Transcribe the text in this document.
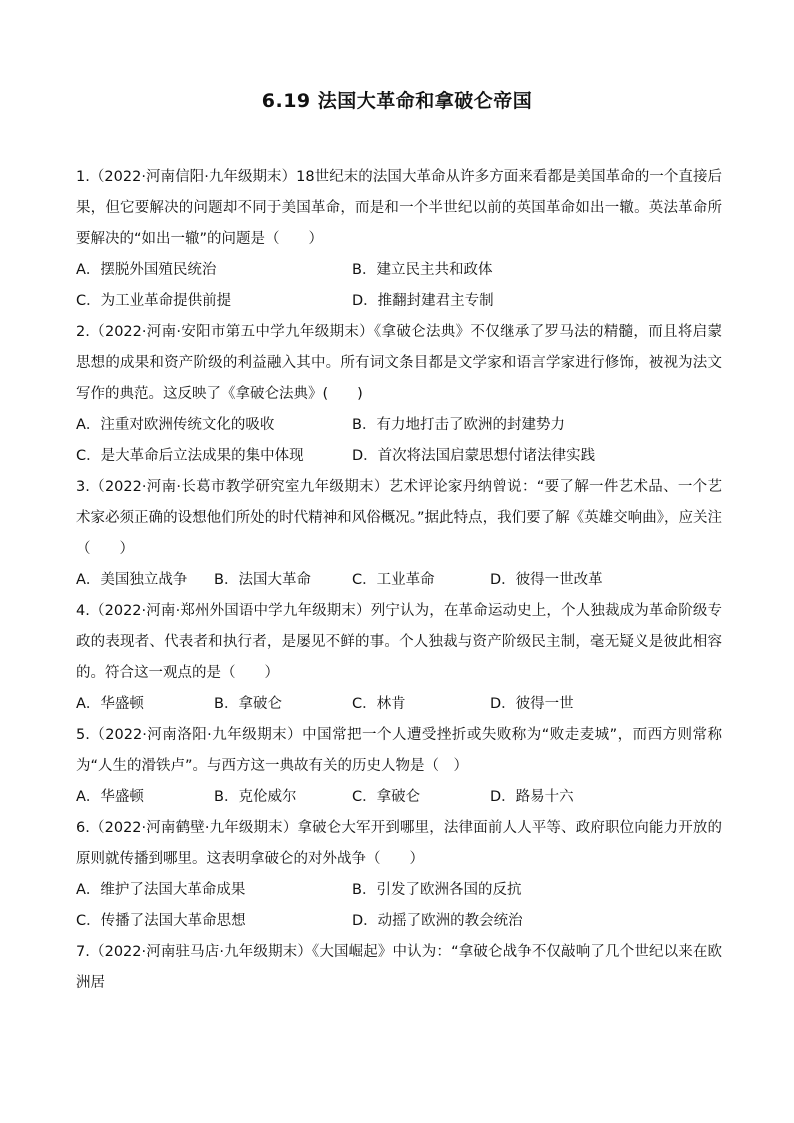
6.19 法国大革命和拿破仑帝国
1.（2022·河南信阳·九年级期末）18世纪末的法国大革命从许多方面来看都是美国革命的一个直接后果，但它要解决的问题却不同于美国革命，而是和一个半世纪以前的英国革命如出一辙。英法革命所要解决的“如出一辙”的问题是（　　）
A．摆脱外国殖民统治	B．建立民主共和政体
C．为工业革命提供前提	D．推翻封建君主专制
2.（2022·河南·安阳市第五中学九年级期末）《拿破仑法典》不仅继承了罗马法的精髓，而且将启蒙思想的成果和资产阶级的利益融入其中。所有词文条目都是文学家和语言学家进行修饰，被视为法文写作的典范。这反映了《拿破仑法典》(　　)
A．注重对欧洲传统文化的吸收	B．有力地打击了欧洲的封建势力
C．是大革命后立法成果的集中体现	D．首次将法国启蒙思想付诸法律实践
3.（2022·河南·长葛市教学研究室九年级期末）艺术评论家丹纳曾说：“要了解一件艺术品、一个艺术家必须正确的设想他们所处的时代精神和风俗概况。”据此特点，我们要了解《英雄交响曲》，应关注（　　）
A．美国独立战争	B．法国大革命	C．工业革命	D．彼得一世改革
4.（2022·河南·郑州外国语中学九年级期末）列宁认为，在革命运动史上，个人独裁成为革命阶级专政的表现者、代表者和执行者，是屡见不鲜的事。个人独裁与资产阶级民主制，毫无疑义是彼此相容的。符合这一观点的是（　　）
A．华盛顿	B．拿破仑	C．林肯	D．彼得一世
5.（2022·河南洛阳·九年级期末）中国常把一个人遭受挫折或失败称为“败走麦城”，而西方则常称为“人生的滑铁卢”。与西方这一典故有关的历史人物是（　）
A．华盛顿	B．克伦威尔	C．拿破仑	D．路易十六
6.（2022·河南鹤壁·九年级期末）拿破仑大军开到哪里，法律面前人人平等、政府职位向能力开放的原则就传播到哪里。这表明拿破仑的对外战争（　　）
A．维护了法国大革命成果	B．引发了欧洲各国的反抗
C．传播了法国大革命思想	D．动摇了欧洲的教会统治
7.（2022·河南驻马店·九年级期末）《大国崛起》中认为：“拿破仑战争不仅敲响了几个世纪以来在欧洲居
